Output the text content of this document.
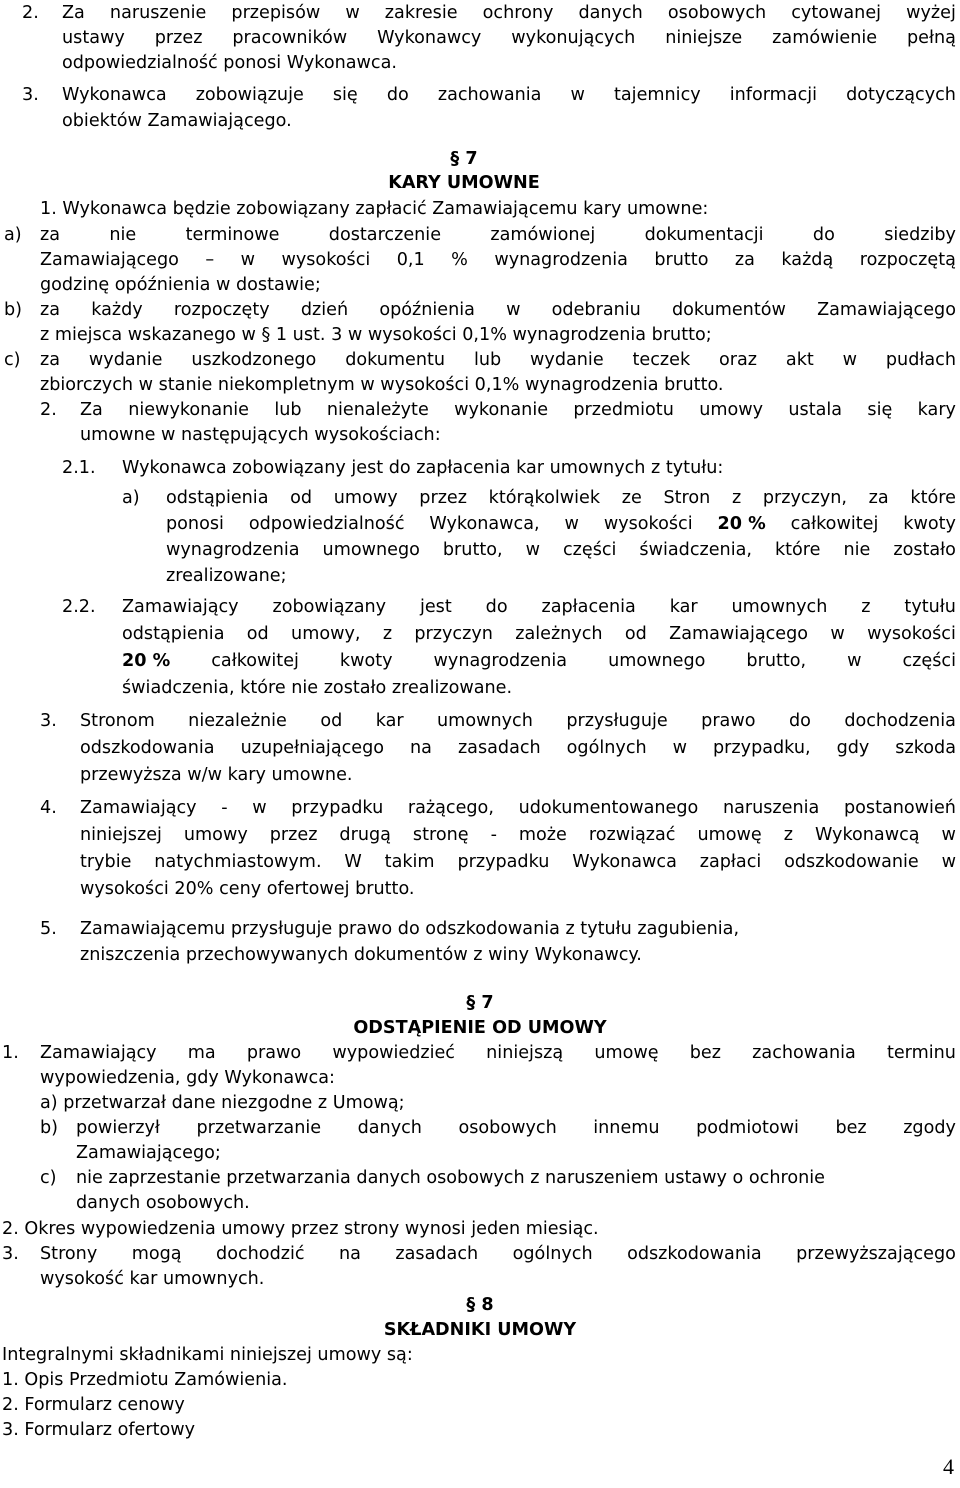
2. Za naruszenie przepisów w zakresie ochrony danych osobowych cytowanej wyżej
ustawy przez pracowników Wykonawcy wykonujących niniejsze zamówienie pełną
odpowiedzialność ponosi Wykonawca.
3. Wykonawca zobowiązuje się do zachowania w tajemnicy informacji dotyczących
obiektów Zamawiającego.
§ 7
KARY UMOWNE
1. Wykonawca będzie zobowiązany zapłacić Zamawiającemu kary umowne:
a) za	nie	terminowe	dostarczenie	zamówionej	dokumentacji	do	siedziby
Zamawiającego – w wysokości 0,1 % wynagrodzenia brutto za każdą rozpoczętą
godzinę opóźnienia w dostawie;
b) za każdy rozpoczęty dzień opóźnienia w odebraniu dokumentów Zamawiającego
z miejsca wskazanego w § 1 ust. 3 w wysokości 0,1% wynagrodzenia brutto;
c) za wydanie uszkodzonego dokumentu lub wydanie teczek oraz akt w pudłach
zbiorczych w stanie niekompletnym w wysokości 0,1% wynagrodzenia brutto.
2. Za niewykonanie lub nienależyte wykonanie przedmiotu umowy ustala się kary
umowne w następujących wysokościach:
2.1. Wykonawca zobowiązany jest do zapłacenia kar umownych z tytułu:
a) odstąpienia od umowy przez którąkolwiek ze Stron z przyczyn, za które
ponosi odpowiedzialność Wykonawca, w wysokości 20 % całkowitej kwoty
wynagrodzenia umownego brutto, w części świadczenia, które nie zostało
zrealizowane;
2.2. Zamawiający zobowiązany jest do zapłacenia kar umownych z tytułu
odstąpienia od umowy, z przyczyn zależnych od Zamawiającego w wysokości
20 % całkowitej kwoty wynagrodzenia umownego brutto, w części
świadczenia, które nie zostało zrealizowane.
3. Stronom niezależnie od kar umownych przysługuje prawo do dochodzenia
odszkodowania uzupełniającego na zasadach ogólnych w przypadku, gdy szkoda
przewyższa w/w kary umowne.
4. Zamawiający - w przypadku rażącego, udokumentowanego naruszenia postanowień
niniejszej umowy przez drugą stronę - może rozwiązać umowę z Wykonawcą w
trybie natychmiastowym. W takim przypadku Wykonawca zapłaci odszkodowanie w
wysokości 20% ceny ofertowej brutto.
5. Zamawiającemu przysługuje prawo do odszkodowania z tytułu zagubienia,
zniszczenia przechowywanych dokumentów z winy Wykonawcy.
§ 7
ODSTĄPIENIE OD UMOWY
1. Zamawiający ma prawo wypowiedzieć niniejszą umowę bez zachowania terminu
wypowiedzenia, gdy Wykonawca:
a) przetwarzał dane niezgodne z Umową;
b) powierzył przetwarzanie danych osobowych innemu podmiotowi bez zgody
Zamawiającego;
c) nie zaprzestanie przetwarzania danych osobowych z naruszeniem ustawy o ochronie
danych osobowych.
2. Okres wypowiedzenia umowy przez strony wynosi jeden miesiąc.
3. Strony mogą dochodzić na zasadach ogólnych odszkodowania przewyższającego
wysokość kar umownych.
§ 8
SKŁADNIKI UMOWY
Integralnymi składnikami niniejszej umowy są:
1. Opis Przedmiotu Zamówienia.
2. Formularz cenowy
3. Formularz ofertowy
4
